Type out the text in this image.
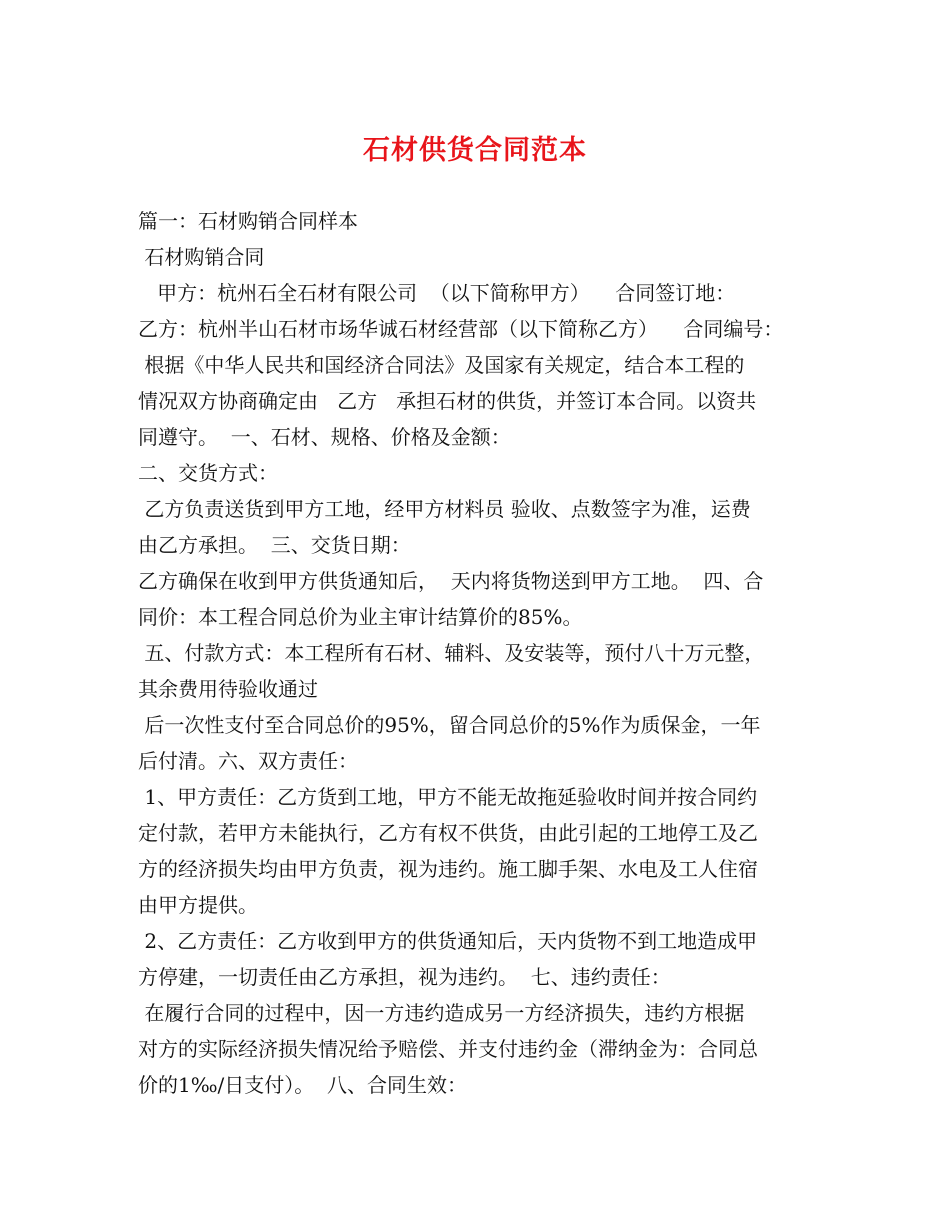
石材供货合同范本
篇一：石材购销合同样本
石材购销合同
甲方：杭州石全石材有限公司  （以下简称甲方）    合同签订地：
乙方：杭州半山石材市场华诚石材经营部（以下简称乙方）    合同编号：
根据《中华人民共和国经济合同法》及国家有关规定，结合本工程的
情况双方协商确定由   乙方   承担石材的供货，并签订本合同。以资共
同遵守。  一、石材、规格、价格及金额：
二、交货方式：
乙方负责送货到甲方工地，经甲方材料员 验收、点数签字为准，运费
由乙方承担。  三、交货日期：
乙方确保在收到甲方供货通知后，  天内将货物送到甲方工地。  四、合
同价：本工程合同总价为业主审计结算价的85%。
五、付款方式：本工程所有石材、辅料、及安装等，预付八十万元整，
其余费用待验收通过
后一次性支付至合同总价的95%，留合同总价的5%作为质保金，一年
后付清。六、双方责任：
1、甲方责任：乙方货到工地，甲方不能无故拖延验收时间并按合同约
定付款，若甲方未能执行，乙方有权不供货，由此引起的工地停工及乙
方的经济损失均由甲方负责，视为违约。施工脚手架、水电及工人住宿
由甲方提供。
2、乙方责任：乙方收到甲方的供货通知后，天内货物不到工地造成甲
方停建，一切责任由乙方承担，视为违约。  七、违约责任：
在履行合同的过程中，因一方违约造成另一方经济损失，违约方根据
对方的实际经济损失情况给予赔偿、并支付违约金（滞纳金为：合同总
价的1‰/日支付）。  八、合同生效：
